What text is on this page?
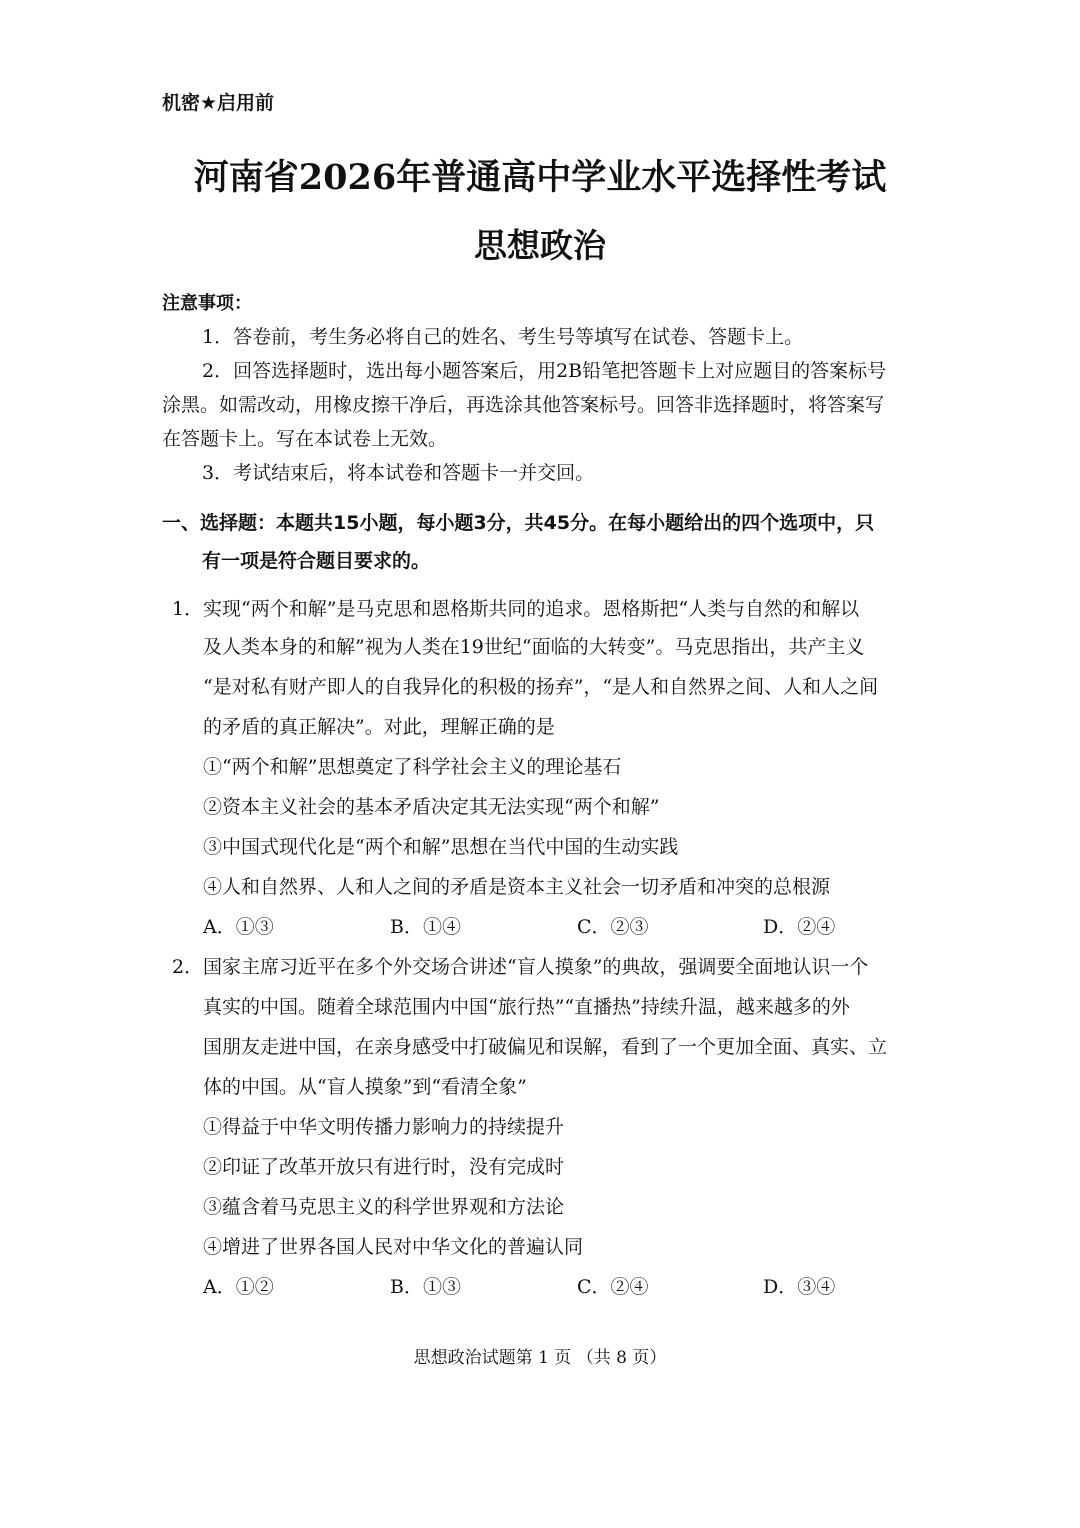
机密★启用前
河南省2026年普通高中学业水平选择性考试
思想政治
注意事项：
1．答卷前，考生务必将自己的姓名、考生号等填写在试卷、答题卡上。
2．回答选择题时，选出每小题答案后，用2B铅笔把答题卡上对应题目的答案标号
涂黑。如需改动，用橡皮擦干净后，再选涂其他答案标号。回答非选择题时，将答案写
在答题卡上。写在本试卷上无效。
3．考试结束后，将本试卷和答题卡一并交回。
一、选择题：本题共15小题，每小题3分，共45分。在每小题给出的四个选项中，只
有一项是符合题目要求的。
1． 实现“两个和解”是马克思和恩格斯共同的追求。恩格斯把“人类与自然的和解以
及人类本身的和解”视为人类在19世纪“面临的大转变”。马克思指出，共产主义
“是对私有财产即人的自我异化的积极的扬弃”，“是人和自然界之间、人和人之间
的矛盾的真正解决”。对此，理解正确的是
①“两个和解”思想奠定了科学社会主义的理论基石
②资本主义社会的基本矛盾决定其无法实现“两个和解”
③中国式现代化是“两个和解”思想在当代中国的生动实践
④人和自然界、人和人之间的矛盾是资本主义社会一切矛盾和冲突的总根源
A．①③	B．①④	C．②③	D．②④
2． 国家主席习近平在多个外交场合讲述“盲人摸象”的典故，强调要全面地认识一个
真实的中国。随着全球范围内中国“旅行热”“直播热”持续升温，越来越多的外
国朋友走进中国，在亲身感受中打破偏见和误解，看到了一个更加全面、真实、立
体的中国。从“盲人摸象”到“看清全象”
①得益于中华文明传播力影响力的持续提升
②印证了改革开放只有进行时，没有完成时
③蕴含着马克思主义的科学世界观和方法论
④增进了世界各国人民对中华文化的普遍认同
A．①②	B．①③	C．②④	D．③④
思想政治试题第 1 页 （共 8 页）
